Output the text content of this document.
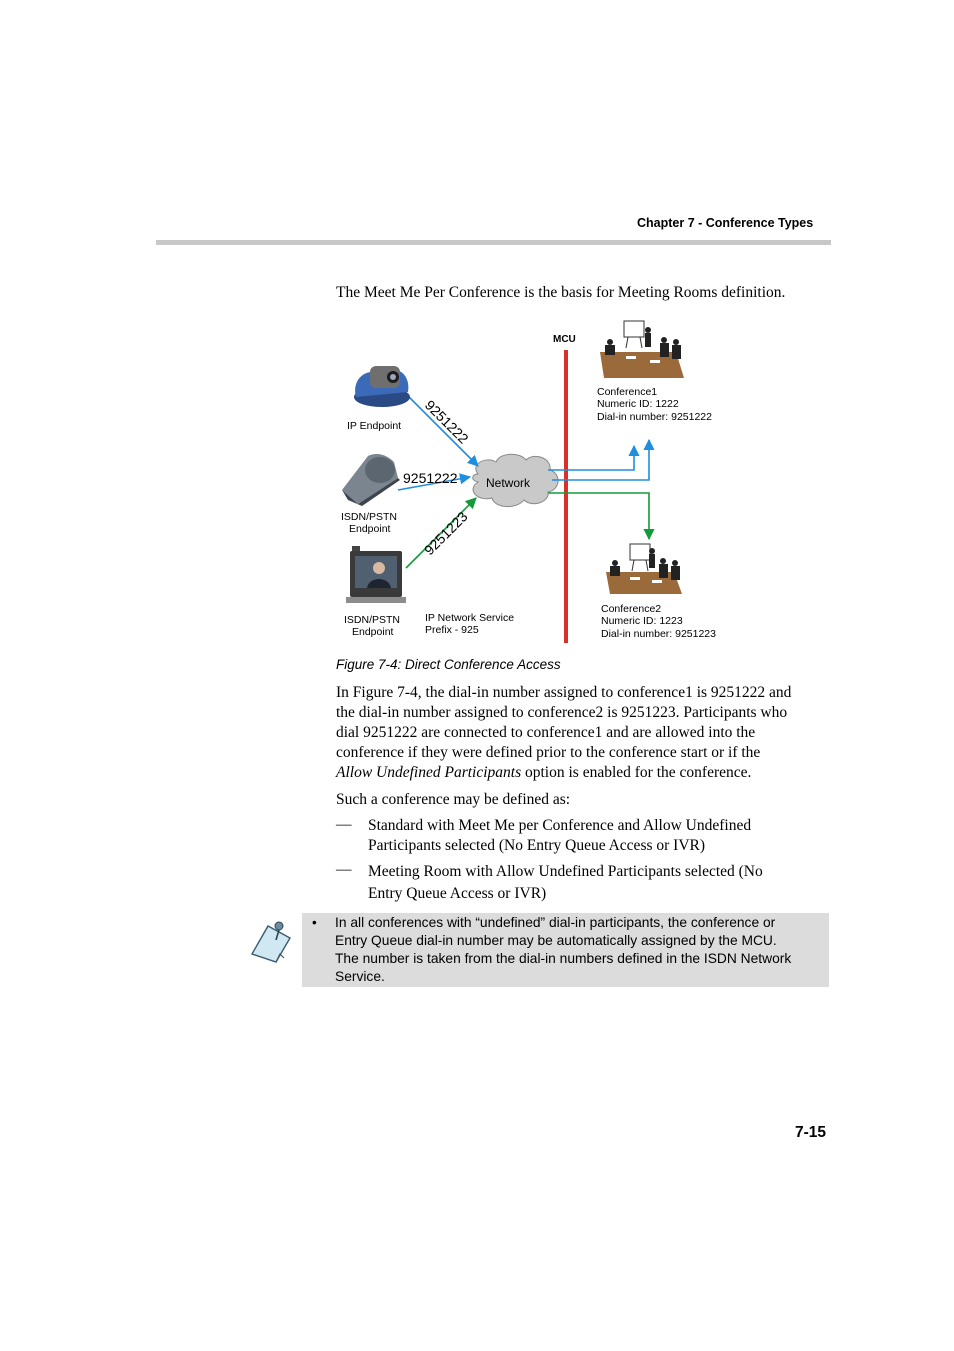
Chapter 7 - Conference Types
The Meet Me Per Conference is the basis for Meeting Rooms definition.
MCU
Network
9251222
9251222
9251223
IP Endpoint
ISDN/PSTN
Endpoint
ISDN/PSTN
Endpoint
IP Network Service
Prefix - 925
Conference1
Numeric ID: 1222
Dial-in number: 9251222
Conference2
Numeric ID: 1223
Dial-in number: 9251223
Figure 7-4: Direct Conference Access
In Figure 7-4, the dial-in number assigned to conference1 is 9251222 and
the dial-in number assigned to conference2 is 9251223. Participants who
dial 9251222 are connected to conference1 and are allowed into the
conference if they were defined prior to the conference start or if the
Allow Undefined Participants option is enabled for the conference.
Such a conference may be defined as:
— Standard with Meet Me per Conference and Allow Undefined
Participants selected (No Entry Queue Access or IVR)
— Meeting Room with Allow Undefined Participants selected (No
Entry Queue Access or IVR)
• In all conferences with “undefined” dial-in participants, the conference or
Entry Queue dial-in number may be automatically assigned by the MCU.
The number is taken from the dial-in numbers defined in the ISDN Network
Service.
7-15
